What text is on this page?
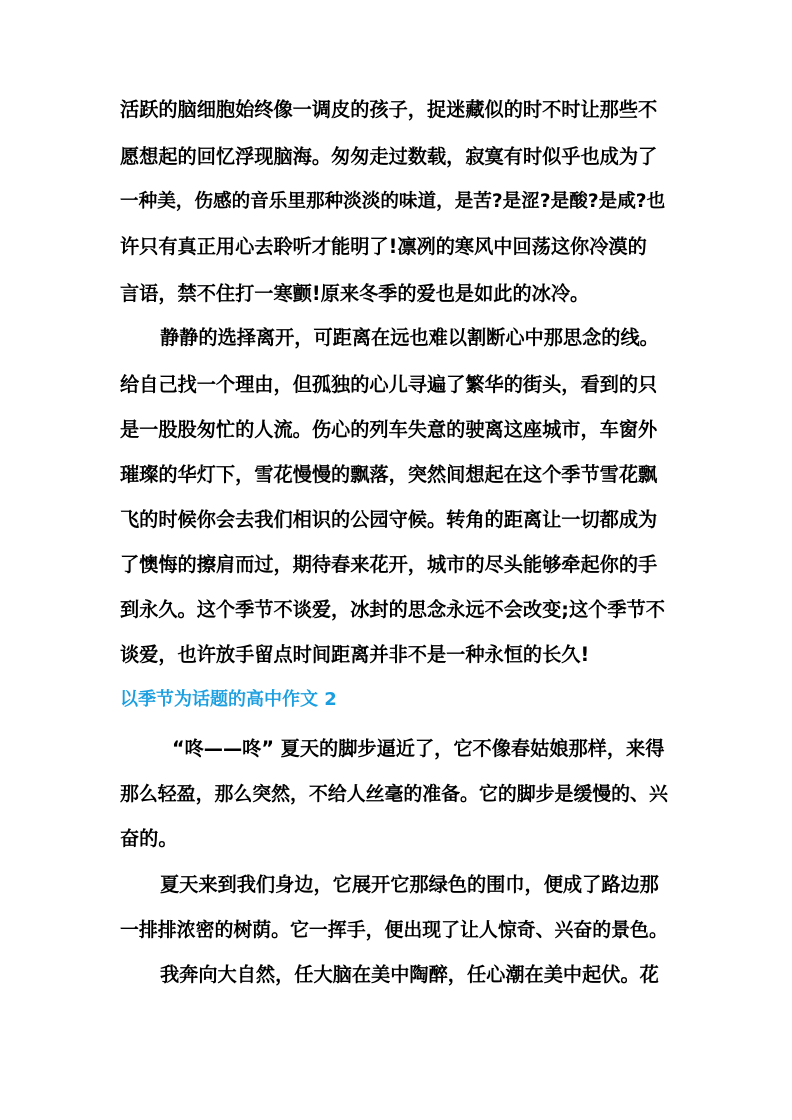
活跃的脑细胞始终像一调皮的孩子，捉迷藏似的时不时让那些不
愿想起的回忆浮现脑海。匆匆走过数载，寂寞有时似乎也成为了
一种美，伤感的音乐里那种淡淡的味道，是苦?是涩?是酸?是咸?也
许只有真正用心去聆听才能明了!凛冽的寒风中回荡这你冷漠的
言语，禁不住打一寒颤!原来冬季的爱也是如此的冰冷。
静静的选择离开，可距离在远也难以割断心中那思念的线。
给自己找一个理由，但孤独的心儿寻遍了繁华的街头，看到的只
是一股股匆忙的人流。伤心的列车失意的驶离这座城市，车窗外
璀璨的华灯下，雪花慢慢的飘落，突然间想起在这个季节雪花飘
飞的时候你会去我们相识的公园守候。转角的距离让一切都成为
了懊悔的擦肩而过，期待春来花开，城市的尽头能够牵起你的手
到永久。这个季节不谈爱，冰封的思念永远不会改变;这个季节不
谈爱，也许放手留点时间距离并非不是一种永恒的长久!
以季节为话题的高中作文 2
“咚——咚” 夏天的脚步逼近了，它不像春姑娘那样，来得
那么轻盈，那么突然，不给人丝毫的准备。它的脚步是缓慢的、兴
奋的。
夏天来到我们身边，它展开它那绿色的围巾，便成了路边那
一排排浓密的树荫。它一挥手，便出现了让人惊奇、兴奋的景色。
我奔向大自然，任大脑在美中陶醉，任心潮在美中起伏。花
